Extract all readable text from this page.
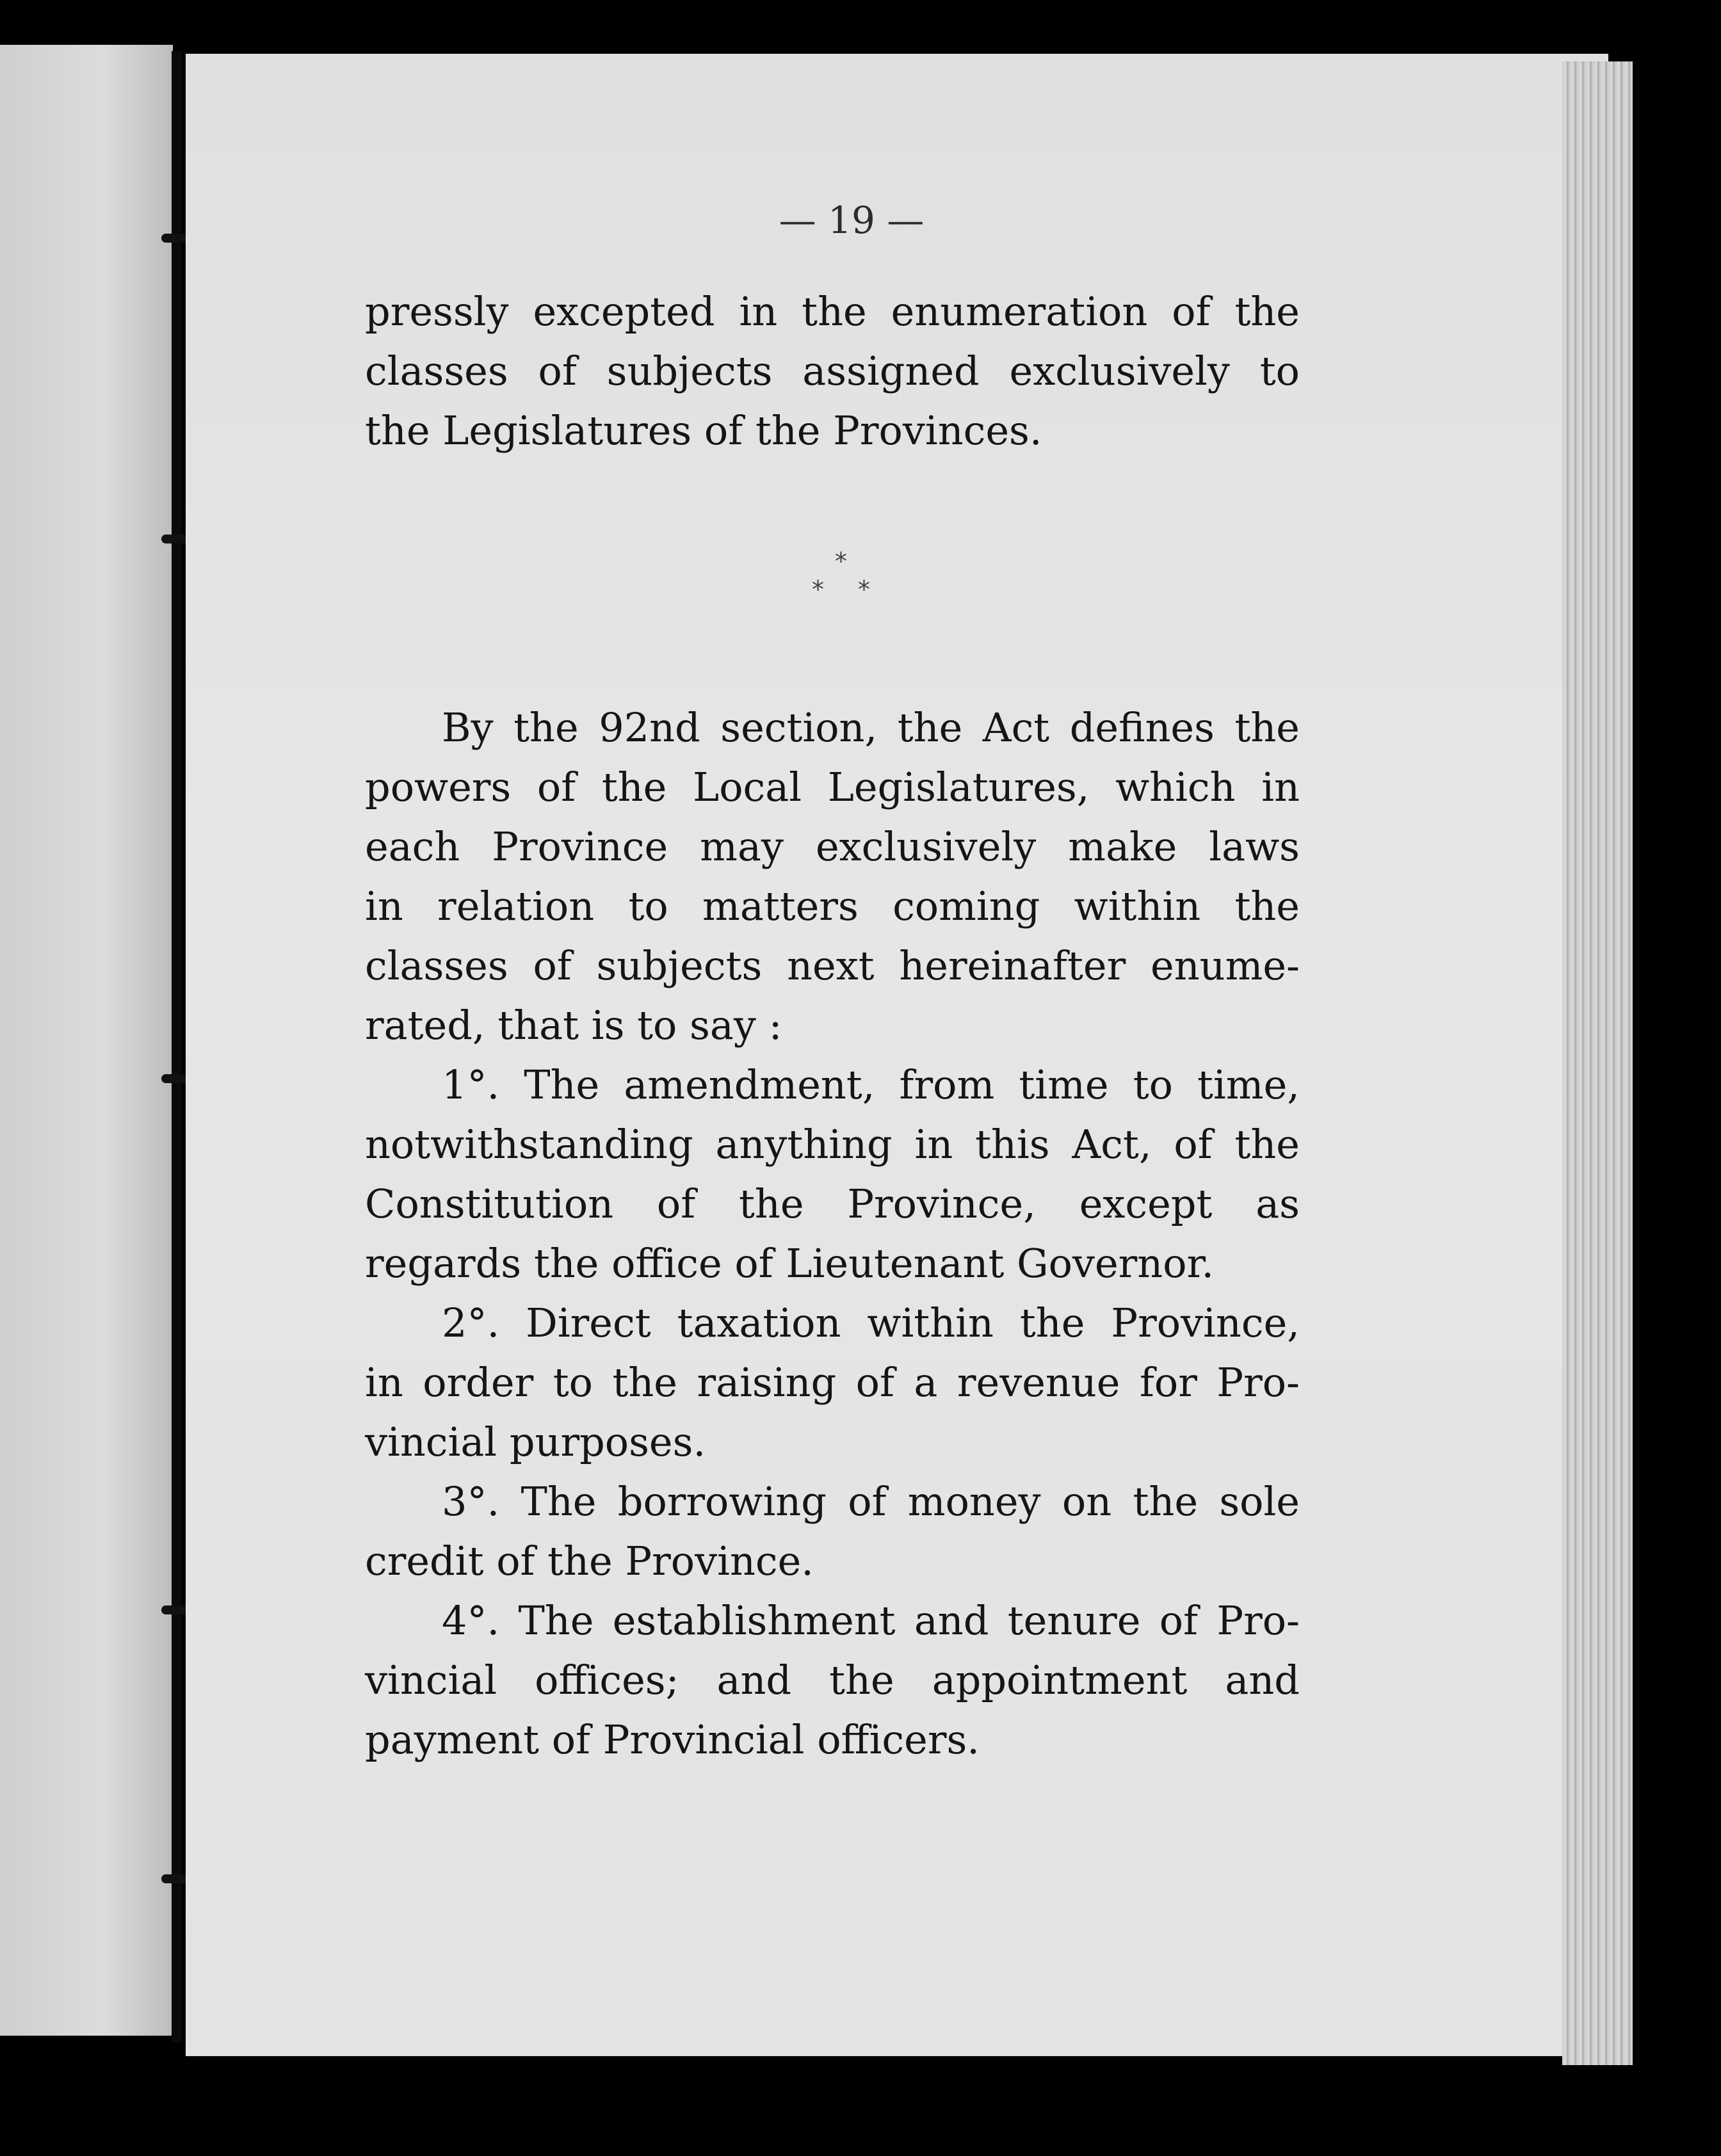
— 19 —
pressly excepted in the enumeration of the
classes of subjects assigned exclusively to
the Legislatures of the Provinces.
*
* *
By the 92nd section, the Act defines the
powers of the Local Legislatures, which in
each Province may exclusively make laws
in relation to matters coming within the
classes of subjects next hereinafter enume-
rated, that is to say :
1°. The amendment, from time to time,
notwithstanding anything in this Act, of the
Constitution of the Province, except as
regards the office of Lieutenant Governor.
2°. Direct taxation within the Province,
in order to the raising of a revenue for Pro-
vincial purposes.
3°. The borrowing of money on the sole
credit of the Province.
4°. The establishment and tenure of Pro-
vincial offices; and the appointment and
payment of Provincial officers.
